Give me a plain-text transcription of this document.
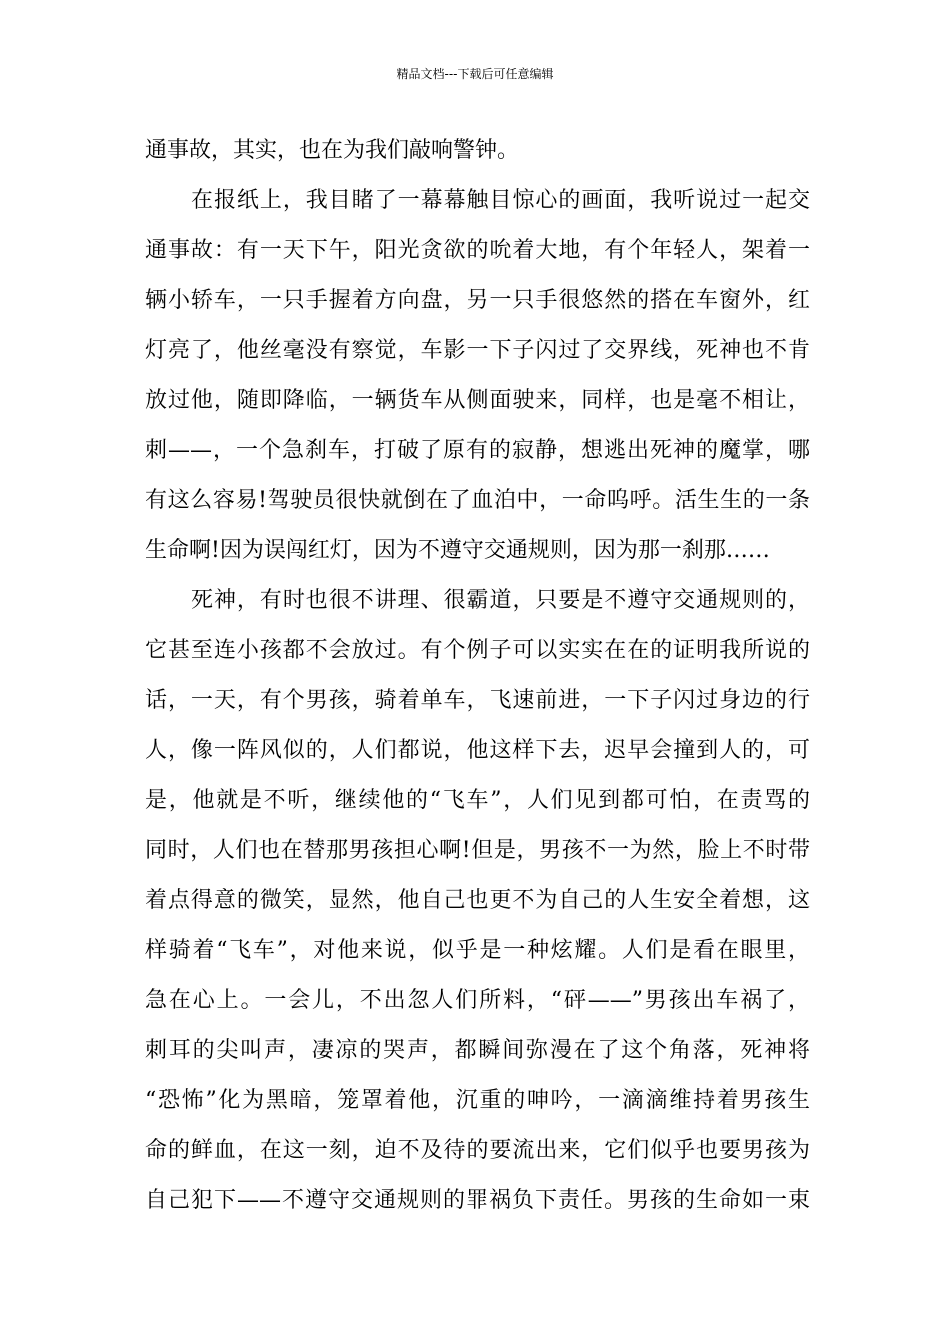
精品文档---下载后可任意编辑
通事故，其实，也在为我们敲响警钟。
在报纸上，我目睹了一幕幕触目惊心的画面，我听说过一起交
通事故：有一天下午，阳光贪欲的吮着大地，有个年轻人，架着一
辆小轿车，一只手握着方向盘，另一只手很悠然的搭在车窗外，红
灯亮了，他丝毫没有察觉，车影一下子闪过了交界线，死神也不肯
放过他，随即降临，一辆货车从侧面驶来，同样，也是毫不相让，
刺——，一个急刹车，打破了原有的寂静，想逃出死神的魔掌，哪
有这么容易!驾驶员很快就倒在了血泊中，一命呜呼。活生生的一条
生命啊!因为误闯红灯，因为不遵守交通规则，因为那一刹那……
死神，有时也很不讲理、很霸道，只要是不遵守交通规则的，
它甚至连小孩都不会放过。有个例子可以实实在在的证明我所说的
话，一天，有个男孩，骑着单车，飞速前进，一下子闪过身边的行
人，像一阵风似的，人们都说，他这样下去，迟早会撞到人的，可
是，他就是不听，继续他的“飞车”，人们见到都可怕，在责骂的
同时，人们也在替那男孩担心啊!但是，男孩不一为然，脸上不时带
着点得意的微笑，显然，他自己也更不为自己的人生安全着想，这
样骑着“飞车”，对他来说，似乎是一种炫耀。人们是看在眼里，
急在心上。一会儿，不出忽人们所料，“砰——”男孩出车祸了，
刺耳的尖叫声，凄凉的哭声，都瞬间弥漫在了这个角落，死神将
“恐怖”化为黑暗，笼罩着他，沉重的呻吟，一滴滴维持着男孩生
命的鲜血，在这一刻，迫不及待的要流出来，它们似乎也要男孩为
自己犯下——不遵守交通规则的罪祸负下责任。男孩的生命如一束
